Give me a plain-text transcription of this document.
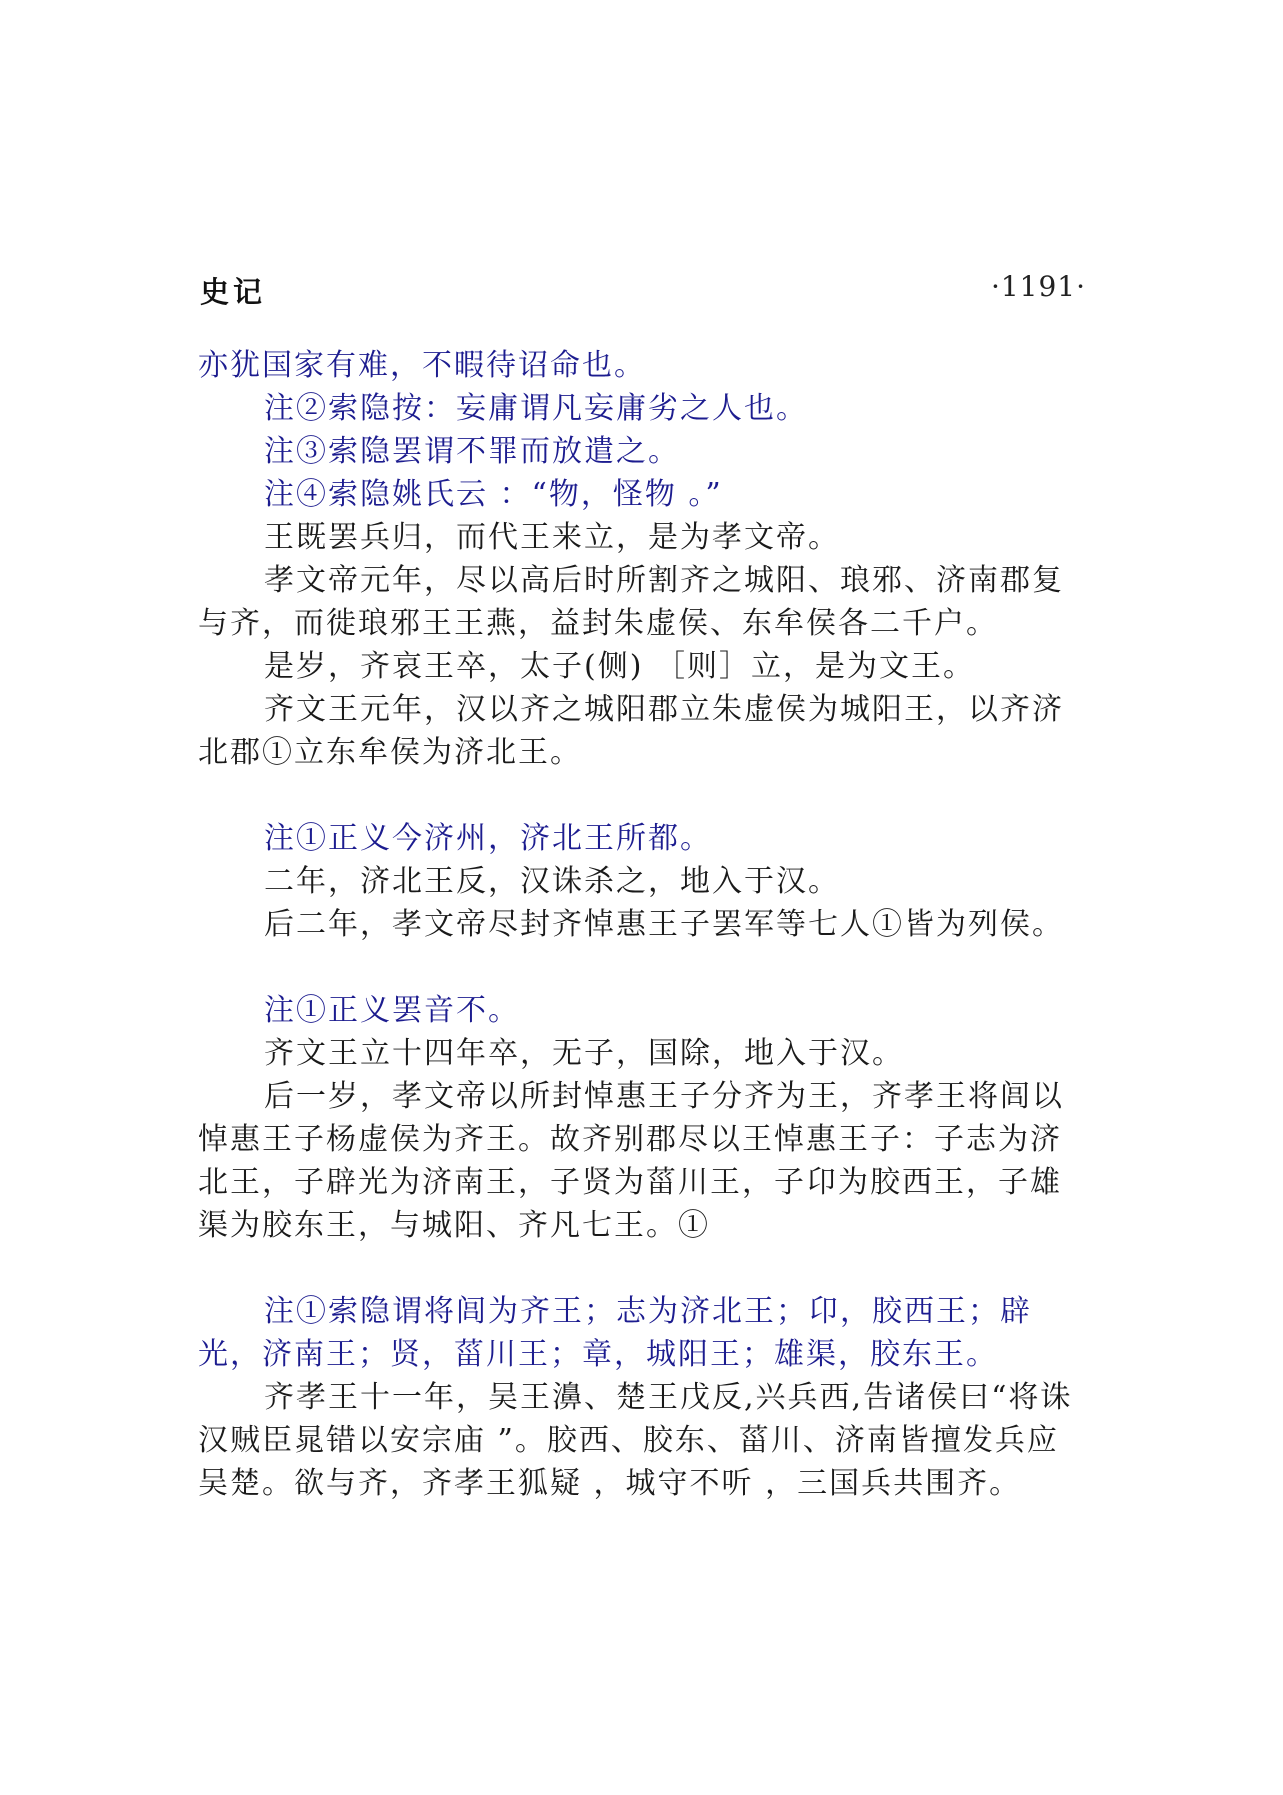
史记	·1191·

亦犹国家有难，不暇待诏命也。

注②索隐按：妄庸谓凡妄庸劣之人也。

注③索隐罢谓不罪而放遣之。

注④索隐姚氏云 ：“物，怪物 。”

王既罢兵归，而代王来立，是为孝文帝。

孝文帝元年，尽以高后时所割齐之城阳、琅邪、济南郡复与齐，而徙琅邪王王燕，益封朱虚侯、东牟侯各二千户。

是岁，齐哀王卒，太子(侧) ［则］立，是为文王。

齐文王元年，汉以齐之城阳郡立朱虚侯为城阳王，以齐济北郡①立东牟侯为济北王。

注①正义今济州，济北王所都。

二年，济北王反，汉诛杀之，地入于汉。

后二年，孝文帝尽封齐悼惠王子罢军等七人①皆为列侯。

注①正义罢音不。

齐文王立十四年卒，无子，国除，地入于汉。

后一岁，孝文帝以所封悼惠王子分齐为王，齐孝王将闾以悼惠王子杨虚侯为齐王。故齐别郡尽以王悼惠王子：子志为济北王，子辟光为济南王，子贤为菑川王，子卬为胶西王，子雄渠为胶东王，与城阳、齐凡七王。①

注①索隐谓将闾为齐王；志为济北王；卬，胶西王；辟光，济南王；贤，菑川王；章，城阳王；雄渠，胶东王。

齐孝王十一年，吴王濞、楚王戊反,兴兵西,告诸侯曰“将诛汉贼臣晁错以安宗庙 ”。胶西、胶东、菑川、济南皆擅发兵应吴楚。欲与齐，齐孝王狐疑 ，城守不听 ，三国兵共围齐。
